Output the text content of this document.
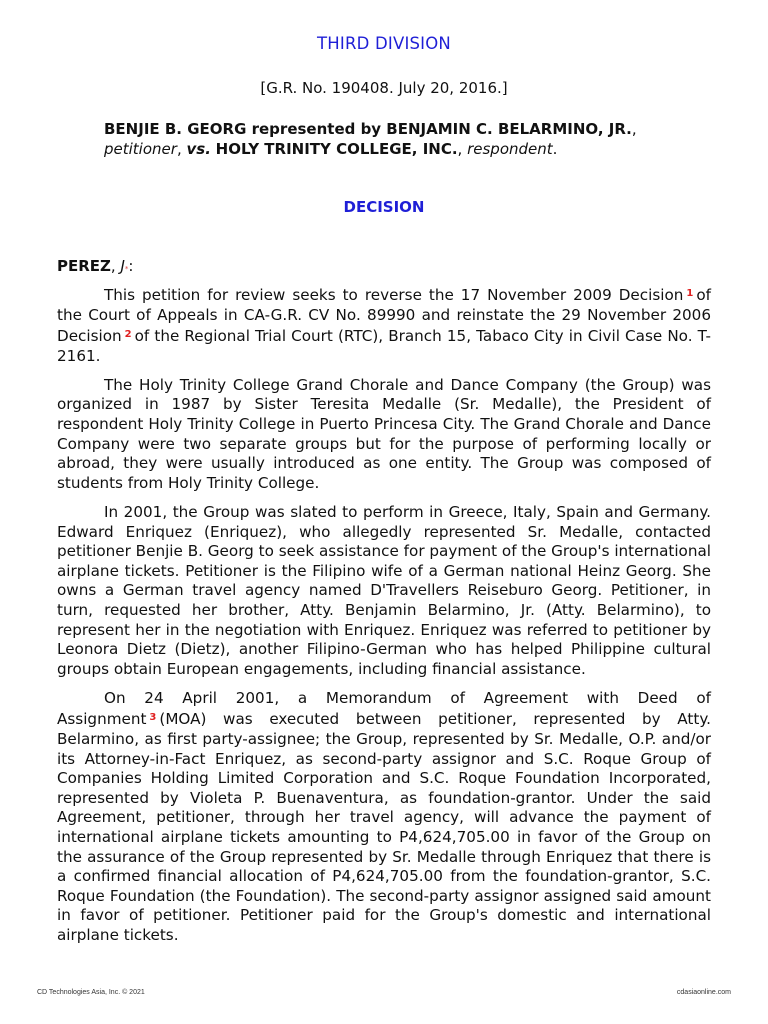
THIRD DIVISION
[G.R. No. 190408. July 20, 2016.]
BENJIE B. GEORG represented by BENJAMIN C. BELARMINO, JR., petitioner, vs. HOLY TRINITY COLLEGE, INC., respondent.
DECISION
PEREZ, J*:

This petition for review seeks to reverse the 17 November 2009 Decision $^1$ of the Court of Appeals in CA-G.R. CV No. 89990 and reinstate the 29 November 2006 Decision $^2$ of the Regional Trial Court (RTC), Branch 15, Tabaco City in Civil Case No. T-2161.

The Holy Trinity College Grand Chorale and Dance Company (the Group) was organized in 1987 by Sister Teresita Medalle (Sr. Medalle), the President of respondent Holy Trinity College in Puerto Princesa City. The Grand Chorale and Dance Company were two separate groups but for the purpose of performing locally or abroad, they were usually introduced as one entity. The Group was composed of students from Holy Trinity College.

In 2001, the Group was slated to perform in Greece, Italy, Spain and Germany. Edward Enriquez (Enriquez), who allegedly represented Sr. Medalle, contacted petitioner Benjie B. Georg to seek assistance for payment of the Group's international airplane tickets. Petitioner is the Filipino wife of a German national Heinz Georg. She owns a German travel agency named D'Travellers Reiseburo Georg. Petitioner, in turn, requested her brother, Atty. Benjamin Belarmino, Jr. (Atty. Belarmino), to represent her in the negotiation with Enriquez. Enriquez was referred to petitioner by Leonora Dietz (Dietz), another Filipino-German who has helped Philippine cultural groups obtain European engagements, including financial assistance.

On 24 April 2001, a Memorandum of Agreement with Deed of Assignment $^3$ (MOA) was executed between petitioner, represented by Atty. Belarmino, as first party-assignee; the Group, represented by Sr. Medalle, O.P. and/or its Attorney-in-Fact Enriquez, as second-party assignor and S.C. Roque Group of Companies Holding Limited Corporation and S.C. Roque Foundation Incorporated, represented by Violeta P. Buenaventura, as foundation-grantor. Under the said Agreement, petitioner, through her travel agency, will advance the payment of international airplane tickets amounting to P4,624,705.00 in favor of the Group on the assurance of the Group represented by Sr. Medalle through Enriquez that there is a confirmed financial allocation of P4,624,705.00 from the foundation-grantor, S.C. Roque Foundation (the Foundation). The second-party assignor assigned said amount in favor of petitioner. Petitioner paid for the Group's domestic and international airplane tickets.

CD Technologies Asia, Inc. © 2021	cdasiaonline.com
